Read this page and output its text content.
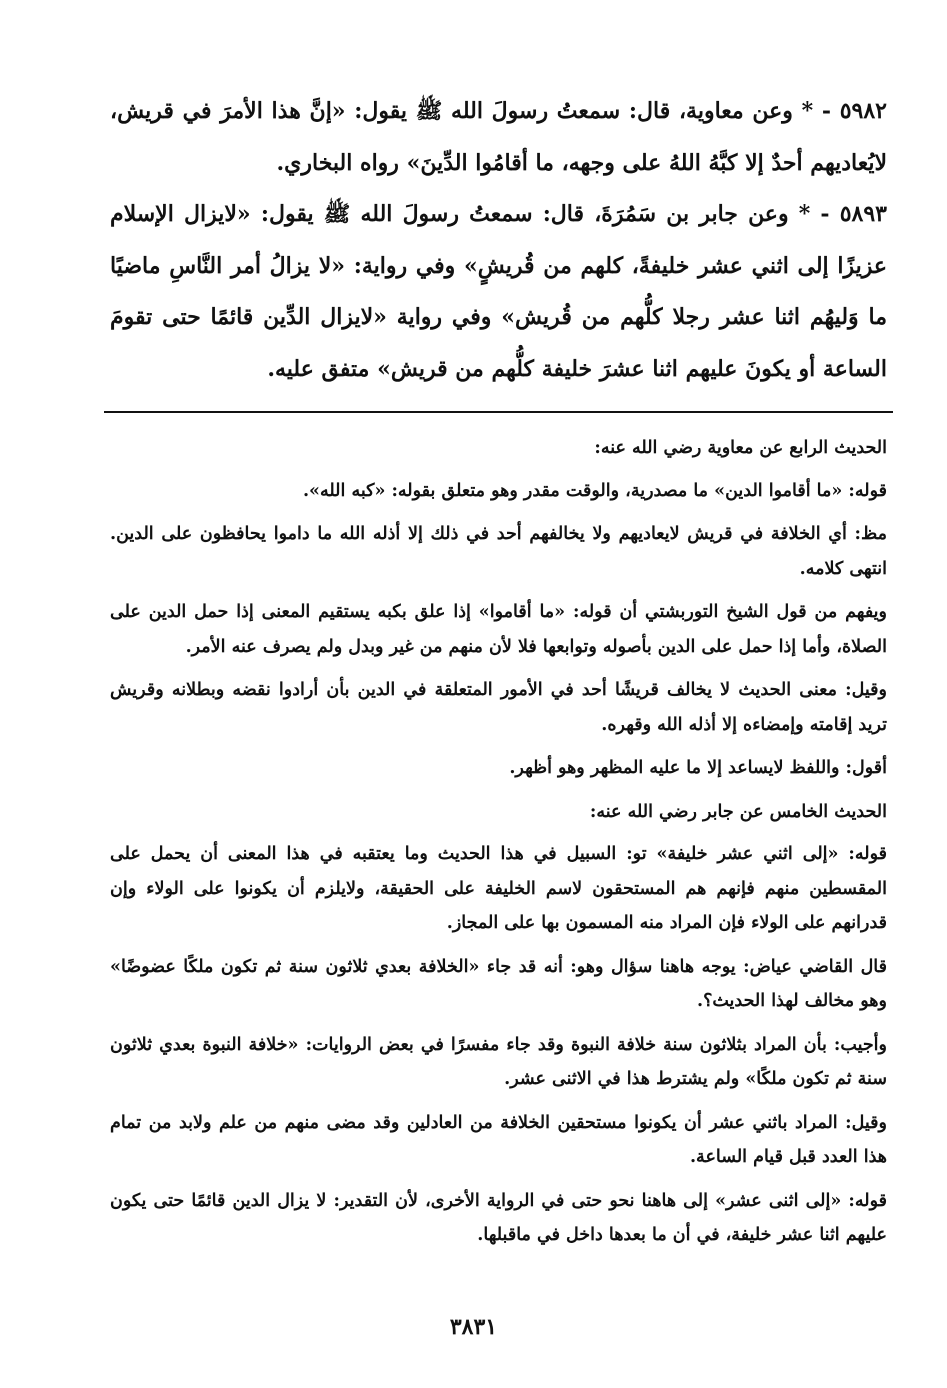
٥٩٨٢ - * وعن معاوية، قال: سمعتُ رسولَ الله ﷺ يقول: «إنَّ هذا الأمرَ في قريش، لايُعاديهم أحدٌ إلا كبَّهُ اللهُ على وجهه، ما أقامُوا الدِّينَ» رواه البخاري.

٥٨٩٣ - * وعن جابر بن سَمُرَةَ، قال: سمعتُ رسولَ الله ﷺ يقول: «لايزال الإسلام عزيزًا إلى اثني عشر خليفةً، كلهم من قُريشٍ» وفي رواية: «لا يزالُ أمر النَّاسِ ماضيًا ما وَليهُم اثنا عشر رجلا كلُّهم من قُريش» وفي رواية «لايزال الدِّين قائمًا حتى تقومَ الساعة أو يكونَ عليهم اثنا عشرَ خليفة كلُّهم من قريش» متفق عليه.

الحديث الرابع عن معاوية رضي الله عنه:

قوله: «ما أقاموا الدين» ما مصدرية، والوقت مقدر وهو متعلق بقوله: «كبه الله».

مظ: أي الخلافة في قريش لايعاديهم ولا يخالفهم أحد في ذلك إلا أذله الله ما داموا يحافظون على الدين. انتهى كلامه.

ويفهم من قول الشيخ التوربشتي أن قوله: «ما أقاموا» إذا علق بكبه يستقيم المعنى إذا حمل الدين على الصلاة، وأما إذا حمل على الدين بأصوله وتوابعها فلا لأن منهم من غير وبدل ولم يصرف عنه الأمر.

وقيل: معنى الحديث لا يخالف قريشًا أحد في الأمور المتعلقة في الدين بأن أرادوا نقضه وبطلانه وقريش تريد إقامته وإمضاءه إلا أذله الله وقهره.

أقول: واللفظ لايساعد إلا ما عليه المظهر وهو أظهر.

الحديث الخامس عن جابر رضي الله عنه:

قوله: «إلى اثني عشر خليفة» تو: السبيل في هذا الحديث وما يعتقبه في هذا المعنى أن يحمل على المقسطين منهم فإنهم هم المستحقون لاسم الخليفة على الحقيقة، ولايلزم أن يكونوا على الولاء وإن قدرانهم على الولاء فإن المراد منه المسمون بها على المجاز.

قال القاضي عياض: يوجه هاهنا سؤال وهو: أنه قد جاء «الخلافة بعدي ثلاثون سنة ثم تكون ملكًا عضوضًا» وهو مخالف لهذا الحديث؟.

وأجيب: بأن المراد بثلاثون سنة خلافة النبوة وقد جاء مفسرًا في بعض الروايات: «خلافة النبوة بعدي ثلاثون سنة ثم تكون ملكًا» ولم يشترط هذا في الاثنى عشر.

وقيل: المراد باثني عشر أن يكونوا مستحقين الخلافة من العادلين وقد مضى منهم من علم ولابد من تمام هذا العدد قبل قيام الساعة.

قوله: «إلى اثنى عشر» إلى هاهنا نحو حتى في الرواية الأخرى، لأن التقدير: لا يزال الدين قائمًا حتى يكون عليهم اثنا عشر خليفة، في أن ما بعدها داخل في ماقبلها.

٣٨٣١
